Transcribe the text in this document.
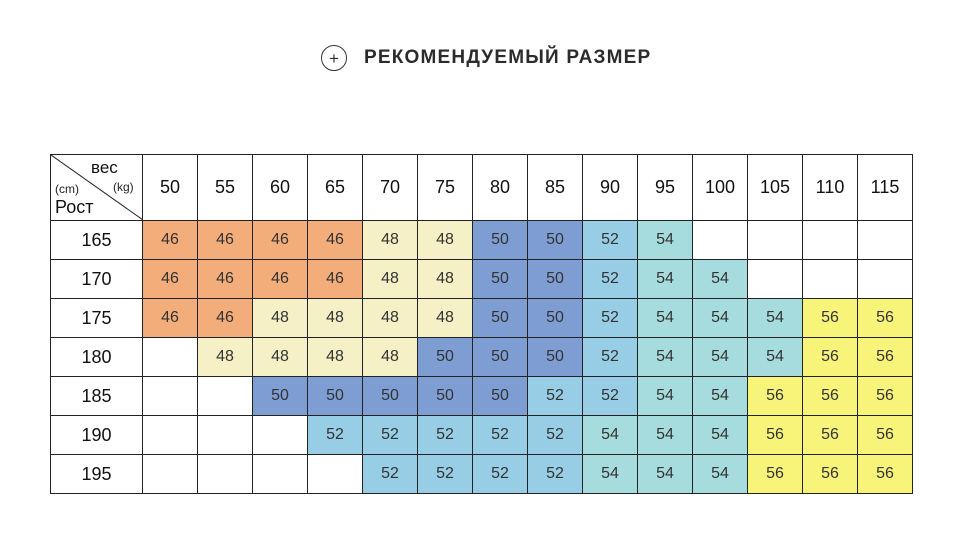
+	РЕКОМЕНДУЕМЫЙ РАЗМЕР
вес
(kg)
(cm)
Рост	50	55	60	65	70	75	80	85	90	95	100	105	110	115
165	46	46	46	46	48	48	50	50	52	54				
170	46	46	46	46	48	48	50	50	52	54	54			
175	46	46	48	48	48	48	50	50	52	54	54	54	56	56
180		48	48	48	48	50	50	50	52	54	54	54	56	56
185			50	50	50	50	50	52	52	54	54	56	56	56
190				52	52	52	52	52	54	54	54	56	56	56
195					52	52	52	52	54	54	54	56	56	56
